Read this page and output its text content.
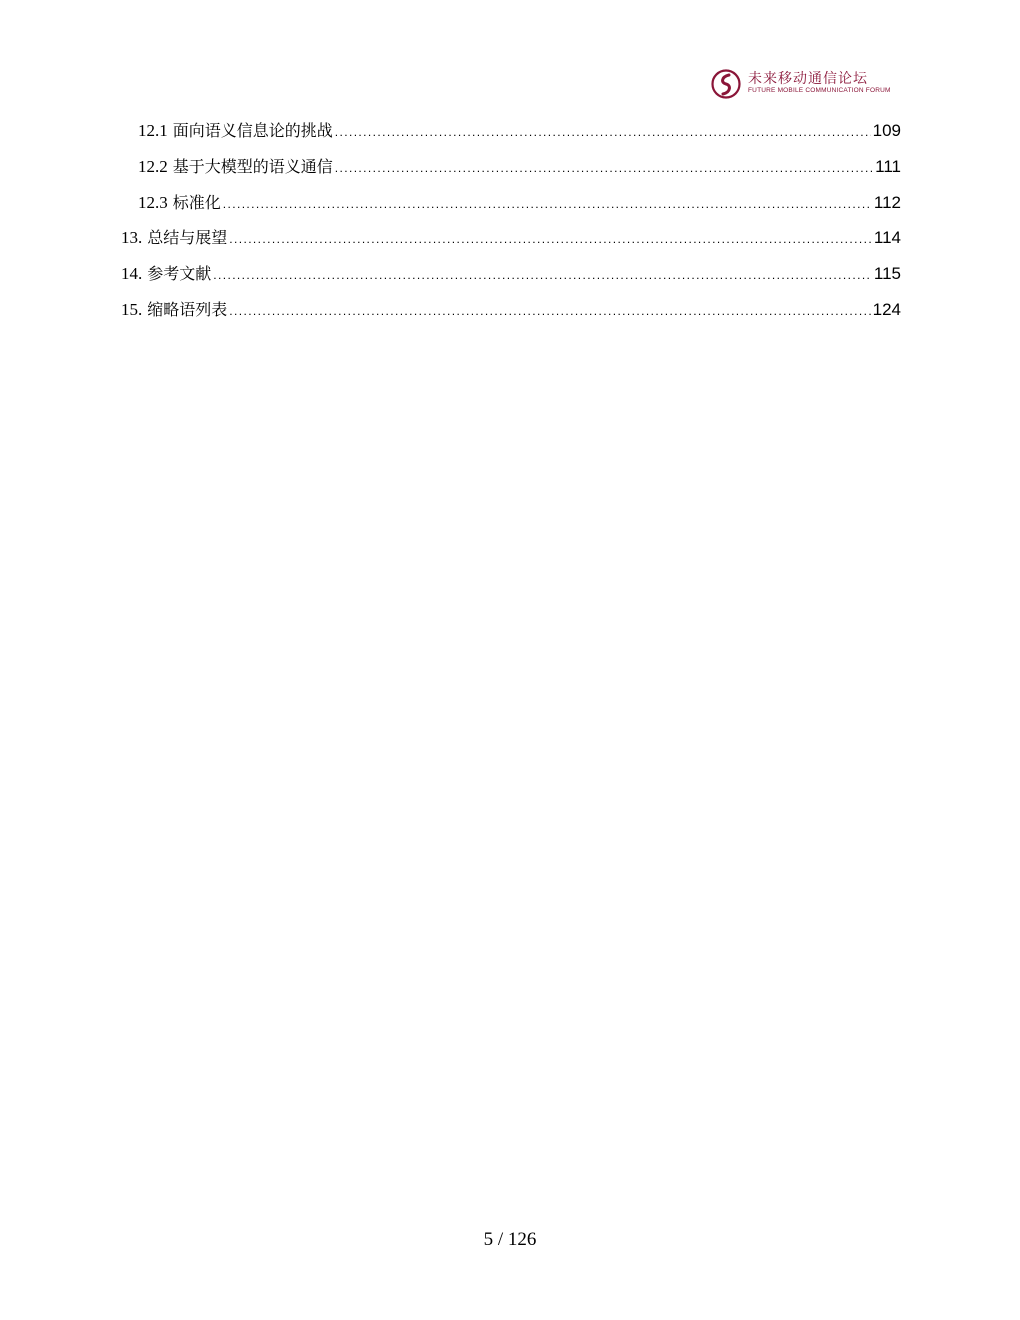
未来移动通信论坛
FUTURE MOBILE COMMUNICATION FORUM
12.1 面向语义信息论的挑战 .....	109
12.2 基于大模型的语义通信 .....	111
12.3 标准化 .....	112
13. 总结与展望 .....	114
14. 参考文献 .....	115
15. 缩略语列表 .....	124
5 / 126
